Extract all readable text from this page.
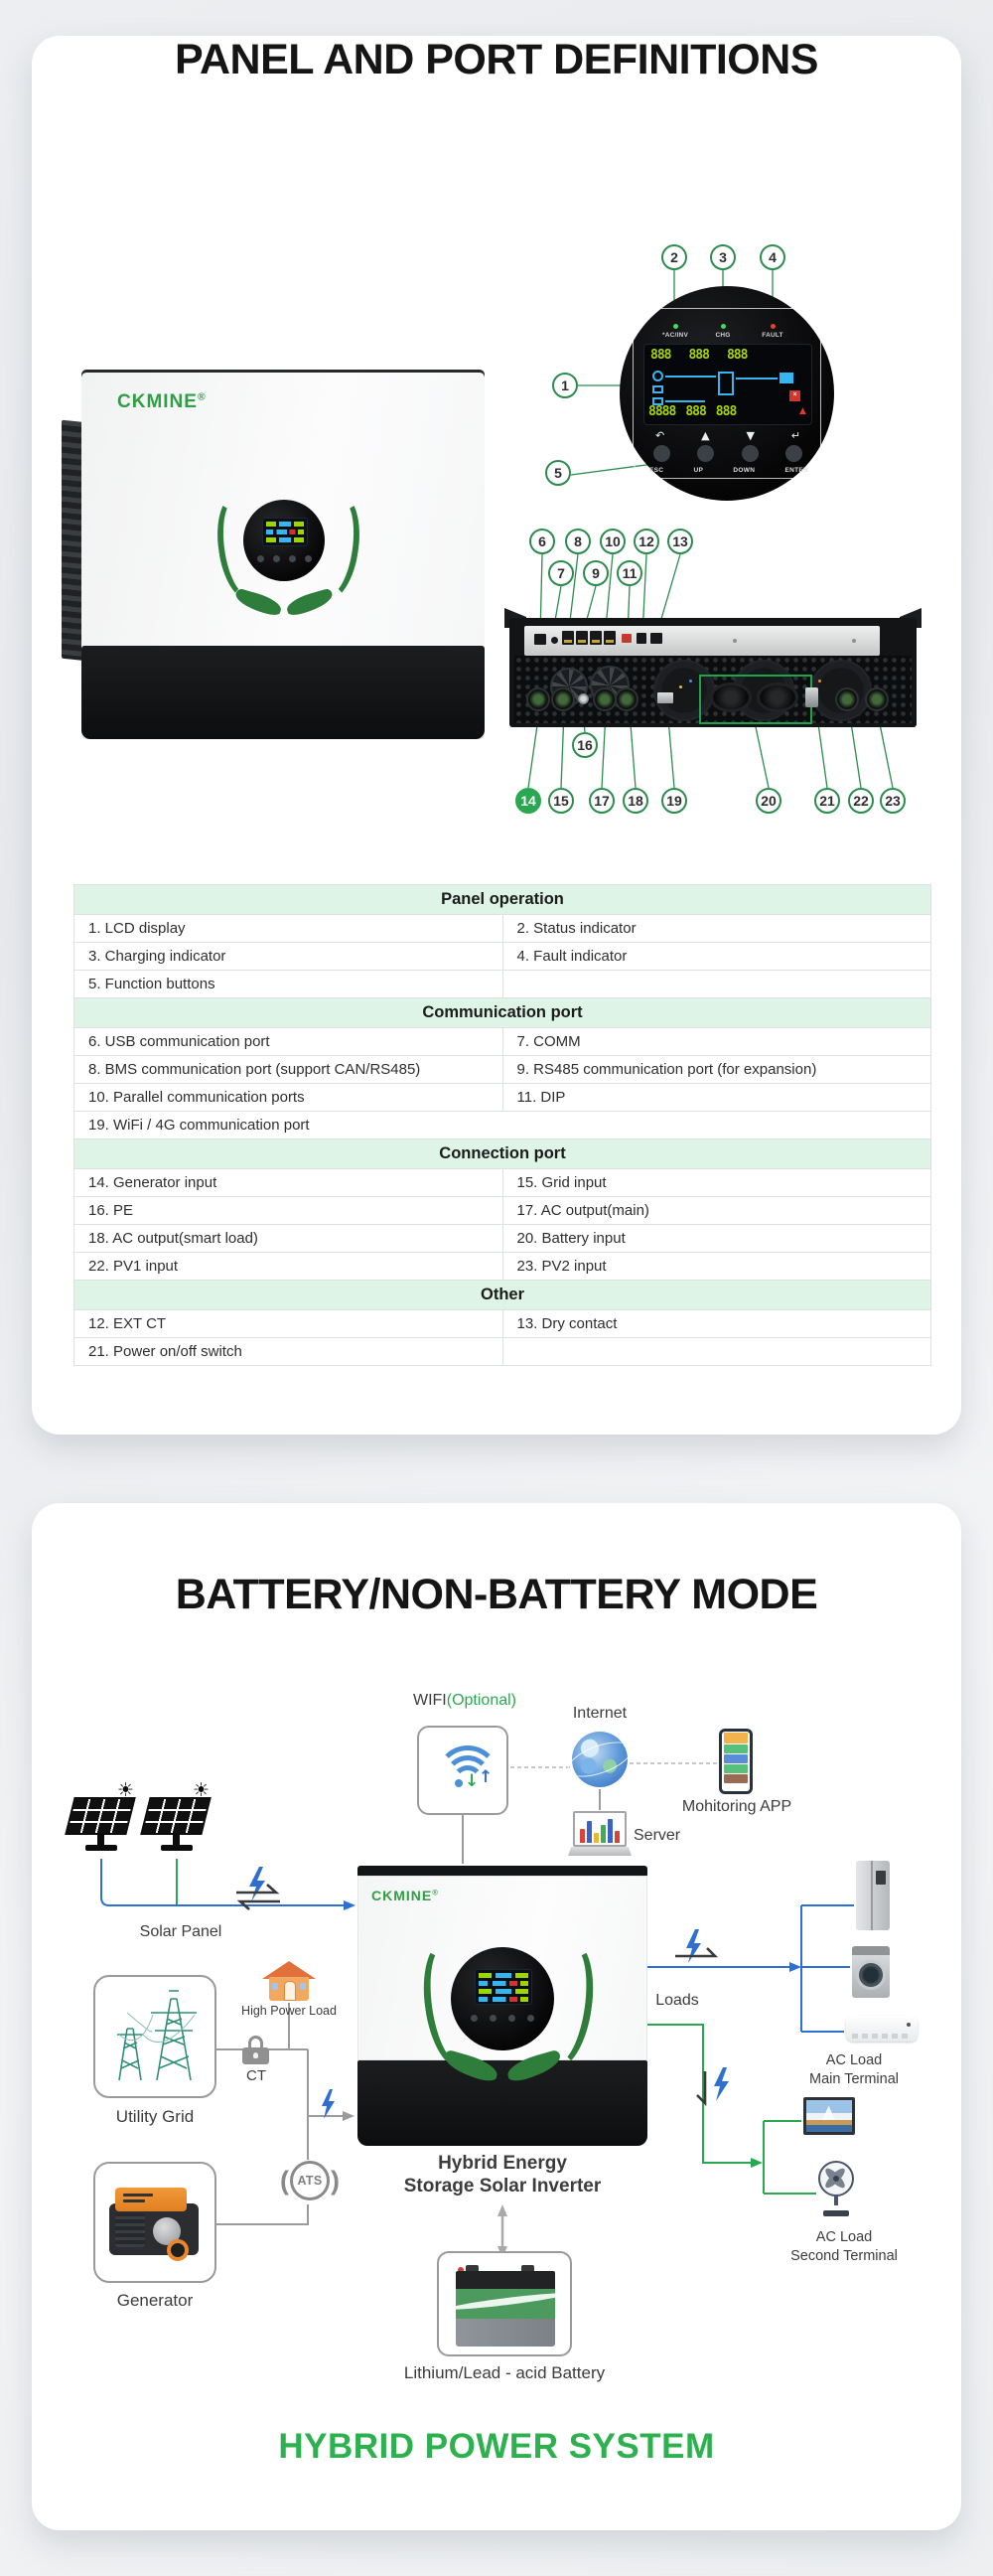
PANEL AND PORT DEFINITIONS
CKMINE®
*AC/INV	CHG	FAULT
888 888 888
×
8888 888 888	▲
↶	▲	▼	↵
ESC	UP	DOWN	ENTER
1
2	3	4
5
6
7
8
9
10
11
12	13
14	15
16
17	18	19	20	21	22	23
Panel operation	
1. LCD display	2. Status indicator
3. Charging indicator	4. Fault indicator
5. Function buttons	
Communication port	
6. USB communication port	7. COMM
8. BMS communication port (support CAN/RS485)	9. RS485 communication port (for expansion)
10. Parallel communication ports	11. DIP
19. WiFi / 4G communication port	
Connection port	
14. Generator input	15. Grid input
16. PE	17. AC output(main)
18. AC output(smart load)	20. Battery input
22. PV1 input	23. PV2 input
Other	
12. EXT CT	13. Dry contact
21. Power on/off switch	
BATTERY/NON-BATTERY MODE
WIFI(Optional)
↓ ↑
Internet
Mohitoring APP
Server
☀	☀
Solar Panel
Utility Grid
High Power Load
CT
( ATS )
Generator
CKMINE®
Hybrid Energy
Storage Solar Inverter
Lithium/Lead - acid Battery
Loads
AC Load
Main Terminal
AC Load
Second Terminal
HYBRID POWER SYSTEM
